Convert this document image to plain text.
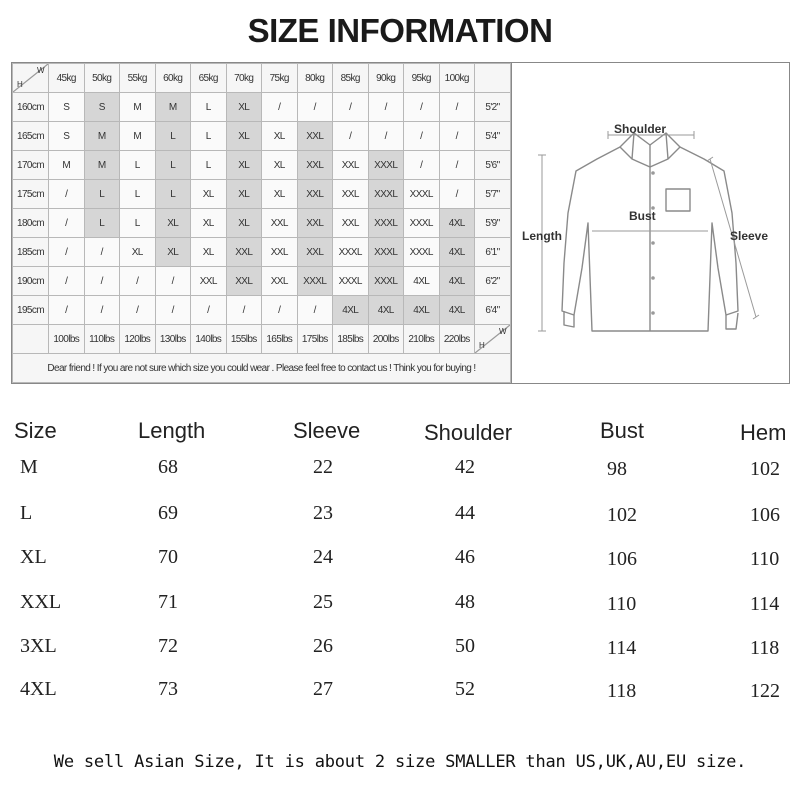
SIZE INFORMATION
H
W	45kg	50kg	55kg	60kg	65kg	70kg	75kg	80kg	85kg	90kg	95kg	100kg	
160cm	S	S	M	M	L	XL	/	/	/	/	/	/	5'2"
165cm	S	M	M	L	L	XL	XL	XXL	/	/	/	/	5'4"
170cm	M	M	L	L	L	XL	XL	XXL	XXL	XXXL	/	/	5'6"
175cm	/	L	L	L	XL	XL	XL	XXL	XXL	XXXL	XXXL	/	5'7"
180cm	/	L	L	XL	XL	XL	XXL	XXL	XXL	XXXL	XXXL	4XL	5'9"
185cm	/	/	XL	XL	XL	XXL	XXL	XXL	XXXL	XXXL	XXXL	4XL	6'1"
190cm	/	/	/	/	XXL	XXL	XXL	XXXL	XXXL	XXXL	4XL	4XL	6'2"
195cm	/	/	/	/	/	/	/	/	4XL	4XL	4XL	4XL	6'4"
	100lbs	110lbs	120lbs	130lbs	140lbs	155lbs	165lbs	175lbs	185lbs	200lbs	210lbs	220lbs	H
W

Dear friend ! If you are not sure which size you could wear . Please feel free to contact us ! Think you for buying !													
Shoulder
Bust
Length	Sleeve
Size	Length	Sleeve	Shoulder	Bust	Hem
M	68	22	42	98	102
L	69	23	44	102	106
XL	70	24	46	106	110
XXL	71	25	48	110	114
3XL	72	26	50	114	118
4XL	73	27	52	118	122
We sell Asian Size, It is about 2 size SMALLER than US,UK,AU,EU size.
